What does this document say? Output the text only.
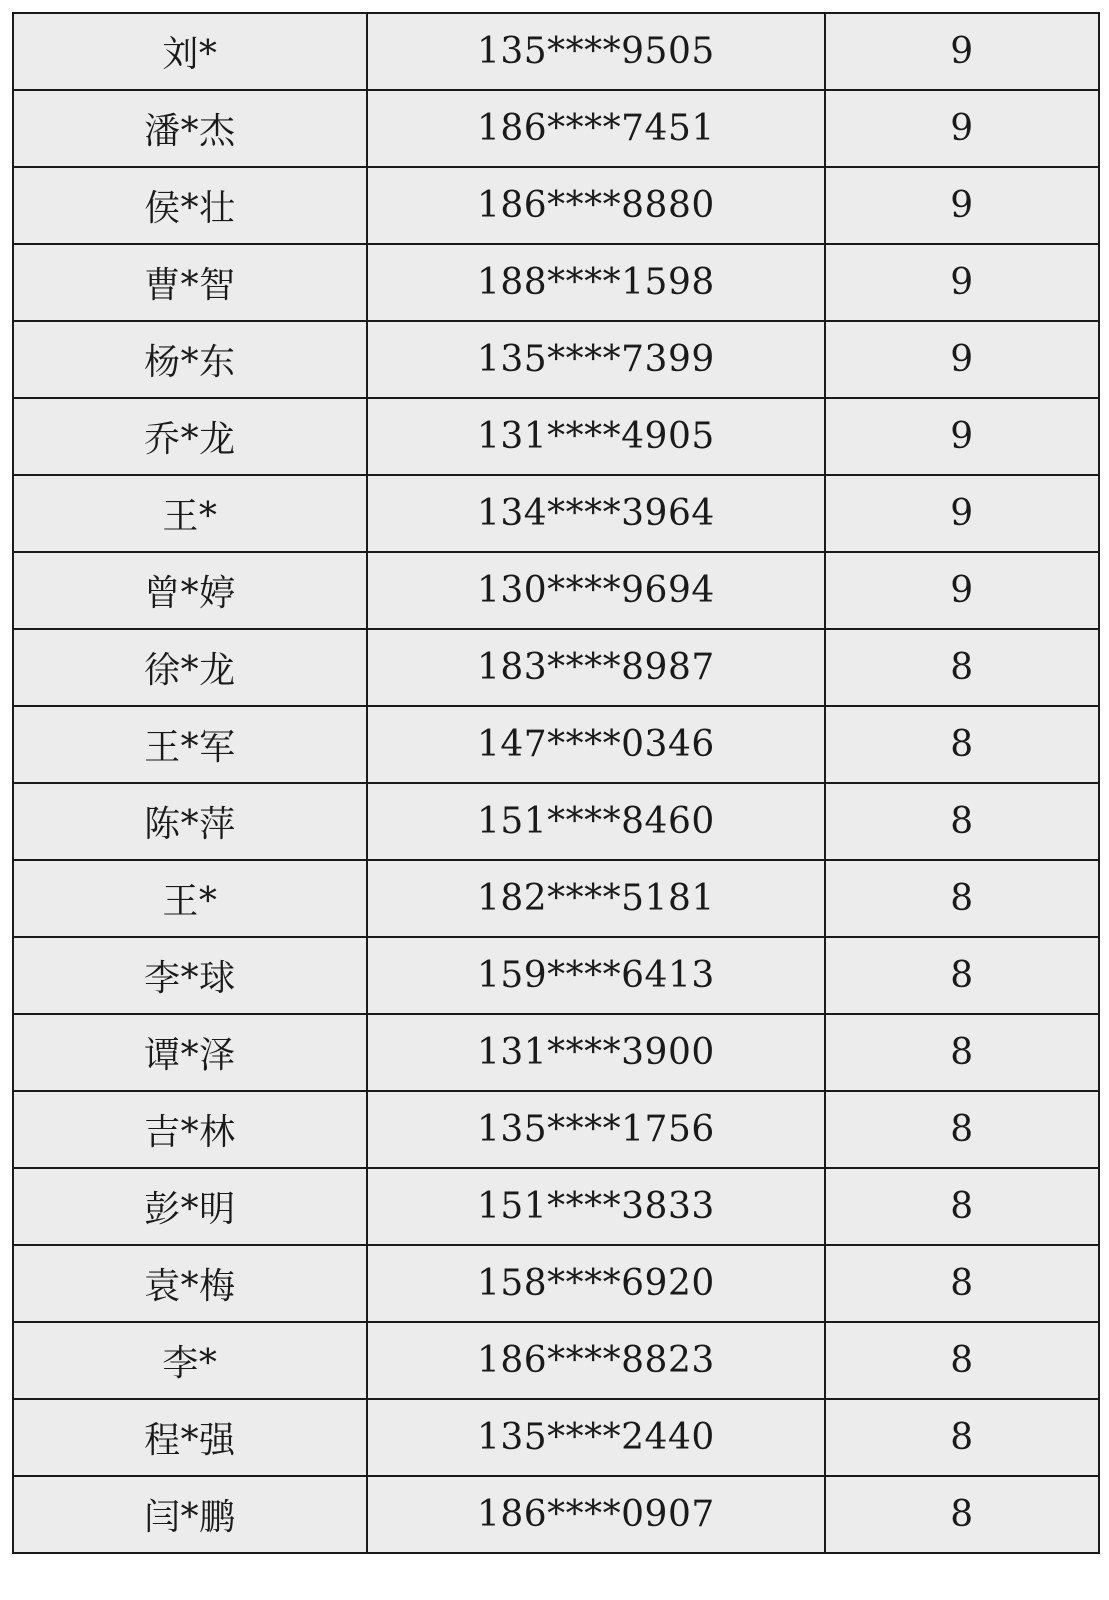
刘*	135****9505	9
潘*杰	186****7451	9
侯*壮	186****8880	9
曹*智	188****1598	9
杨*东	135****7399	9
乔*龙	131****4905	9
王*	134****3964	9
曾*婷	130****9694	9
徐*龙	183****8987	8
王*军	147****0346	8
陈*萍	151****8460	8
王*	182****5181	8
李*球	159****6413	8
谭*泽	131****3900	8
吉*林	135****1756	8
彭*明	151****3833	8
袁*梅	158****6920	8
李*	186****8823	8
程*强	135****2440	8
闫*鹏	186****0907	8
